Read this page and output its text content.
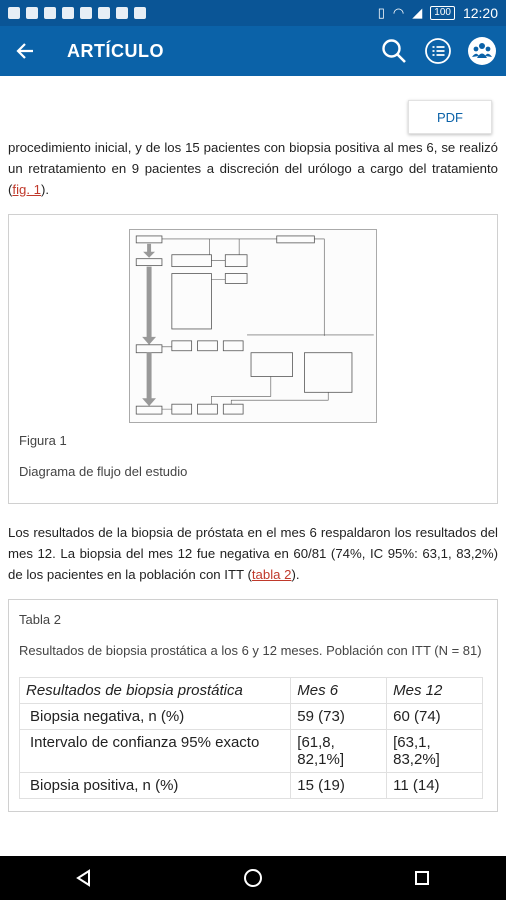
▯ ◠ ◢	100 12:20
ARTÍCULO
PDF

procedimiento inicial, y de los 15 pacientes con biopsia positiva al mes 6, se realizó un retratamiento en 9 pacientes a discreción del urólogo a cargo del tratamiento (fig. 1).

Figura 1
Diagrama de flujo del estudio

Los resultados de la biopsia de próstata en el mes 6 respaldaron los resultados del mes 12. La biopsia del mes 12 fue negativa en 60/81 (74%, IC 95%: 63,1, 83,2%) de los pacientes en la población con ITT (tabla 2).

Tabla 2
Resultados de biopsia prostática a los 6 y 12 meses. Población con ITT (N = 81)
Resultados de biopsia prostática	Mes 6	Mes 12
Biopsia negativa, n (%)	59 (73)	60 (74)
Intervalo de confianza 95% exacto	[61,8, 82,1%]	[63,1, 83,2%]
Biopsia positiva, n (%)	15 (19)	11 (14)
